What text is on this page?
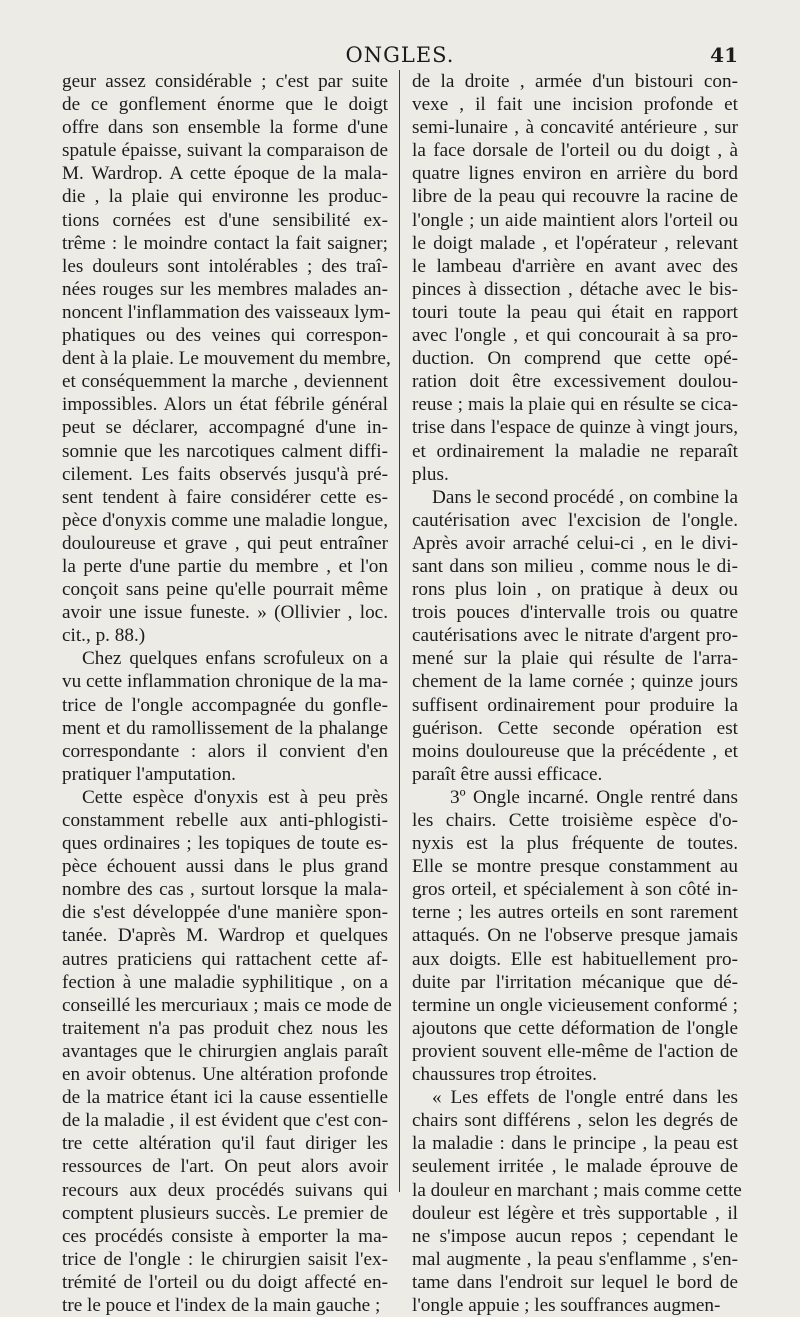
ONGLES.	41
geur assez considérable ; c'est par suite
de ce gonflement énorme que le doigt
offre dans son ensemble la forme d'une
spatule épaisse, suivant la comparaison de
M. Wardrop. A cette époque de la mala-
die , la plaie qui environne les produc-
tions cornées est d'une sensibilité ex-
trême : le moindre contact la fait saigner;
les douleurs sont intolérables ; des traî-
nées rouges sur les membres malades an-
noncent l'inflammation des vaisseaux lym-
phatiques ou des veines qui correspon-
dent à la plaie. Le mouvement du membre,
et conséquemment la marche , deviennent
impossibles. Alors un état fébrile général
peut se déclarer, accompagné d'une in-
somnie que les narcotiques calment diffi-
cilement. Les faits observés jusqu'à pré-
sent tendent à faire considérer cette es-
pèce d'onyxis comme une maladie longue,
douloureuse et grave , qui peut entraîner
la perte d'une partie du membre , et l'on
conçoit sans peine qu'elle pourrait même
avoir une issue funeste. » (Ollivier , loc.
cit., p. 88.)
Chez quelques enfans scrofuleux on a
vu cette inflammation chronique de la ma-
trice de l'ongle accompagnée du gonfle-
ment et du ramollissement de la phalange
correspondante : alors il convient d'en
pratiquer l'amputation.
Cette espèce d'onyxis est à peu près
constamment rebelle aux anti-phlogisti-
ques ordinaires ; les topiques de toute es-
pèce échouent aussi dans le plus grand
nombre des cas , surtout lorsque la mala-
die s'est développée d'une manière spon-
tanée. D'après M. Wardrop et quelques
autres praticiens qui rattachent cette af-
fection à une maladie syphilitique , on a
conseillé les mercuriaux ; mais ce mode de
traitement n'a pas produit chez nous les
avantages que le chirurgien anglais paraît
en avoir obtenus. Une altération profonde
de la matrice étant ici la cause essentielle
de la maladie , il est évident que c'est con-
tre cette altération qu'il faut diriger les
ressources de l'art. On peut alors avoir
recours aux deux procédés suivans qui
comptent plusieurs succès. Le premier de
ces procédés consiste à emporter la ma-
trice de l'ongle : le chirurgien saisit l'ex-
trémité de l'orteil ou du doigt affecté en-
tre le pouce et l'index de la main gauche ;
de la droite , armée d'un bistouri con-
vexe , il fait une incision profonde et
semi-lunaire , à concavité antérieure , sur
la face dorsale de l'orteil ou du doigt , à
quatre lignes environ en arrière du bord
libre de la peau qui recouvre la racine de
l'ongle ; un aide maintient alors l'orteil ou
le doigt malade , et l'opérateur , relevant
le lambeau d'arrière en avant avec des
pinces à dissection , détache avec le bis-
touri toute la peau qui était en rapport
avec l'ongle , et qui concourait à sa pro-
duction. On comprend que cette opé-
ration doit être excessivement doulou-
reuse ; mais la plaie qui en résulte se cica-
trise dans l'espace de quinze à vingt jours,
et ordinairement la maladie ne reparaît
plus.
Dans le second procédé , on combine la
cautérisation avec l'excision de l'ongle.
Après avoir arraché celui-ci , en le divi-
sant dans son milieu , comme nous le di-
rons plus loin , on pratique à deux ou
trois pouces d'intervalle trois ou quatre
cautérisations avec le nitrate d'argent pro-
mené sur la plaie qui résulte de l'arra-
chement de la lame cornée ; quinze jours
suffisent ordinairement pour produire la
guérison. Cette seconde opération est
moins douloureuse que la précédente , et
paraît être aussi efficace.
3º Ongle incarné. Ongle rentré dans
les chairs. Cette troisième espèce d'o-
nyxis est la plus fréquente de toutes.
Elle se montre presque constamment au
gros orteil, et spécialement à son côté in-
terne ; les autres orteils en sont rarement
attaqués. On ne l'observe presque jamais
aux doigts. Elle est habituellement pro-
duite par l'irritation mécanique que dé-
termine un ongle vicieusement conformé ;
ajoutons que cette déformation de l'ongle
provient souvent elle-même de l'action de
chaussures trop étroites.
« Les effets de l'ongle entré dans les
chairs sont différens , selon les degrés de
la maladie : dans le principe , la peau est
seulement irritée , le malade éprouve de
la douleur en marchant ; mais comme cette
douleur est légère et très supportable , il
ne s'impose aucun repos ; cependant le
mal augmente , la peau s'enflamme , s'en-
tame dans l'endroit sur lequel le bord de
l'ongle appuie ; les souffrances augmen-
